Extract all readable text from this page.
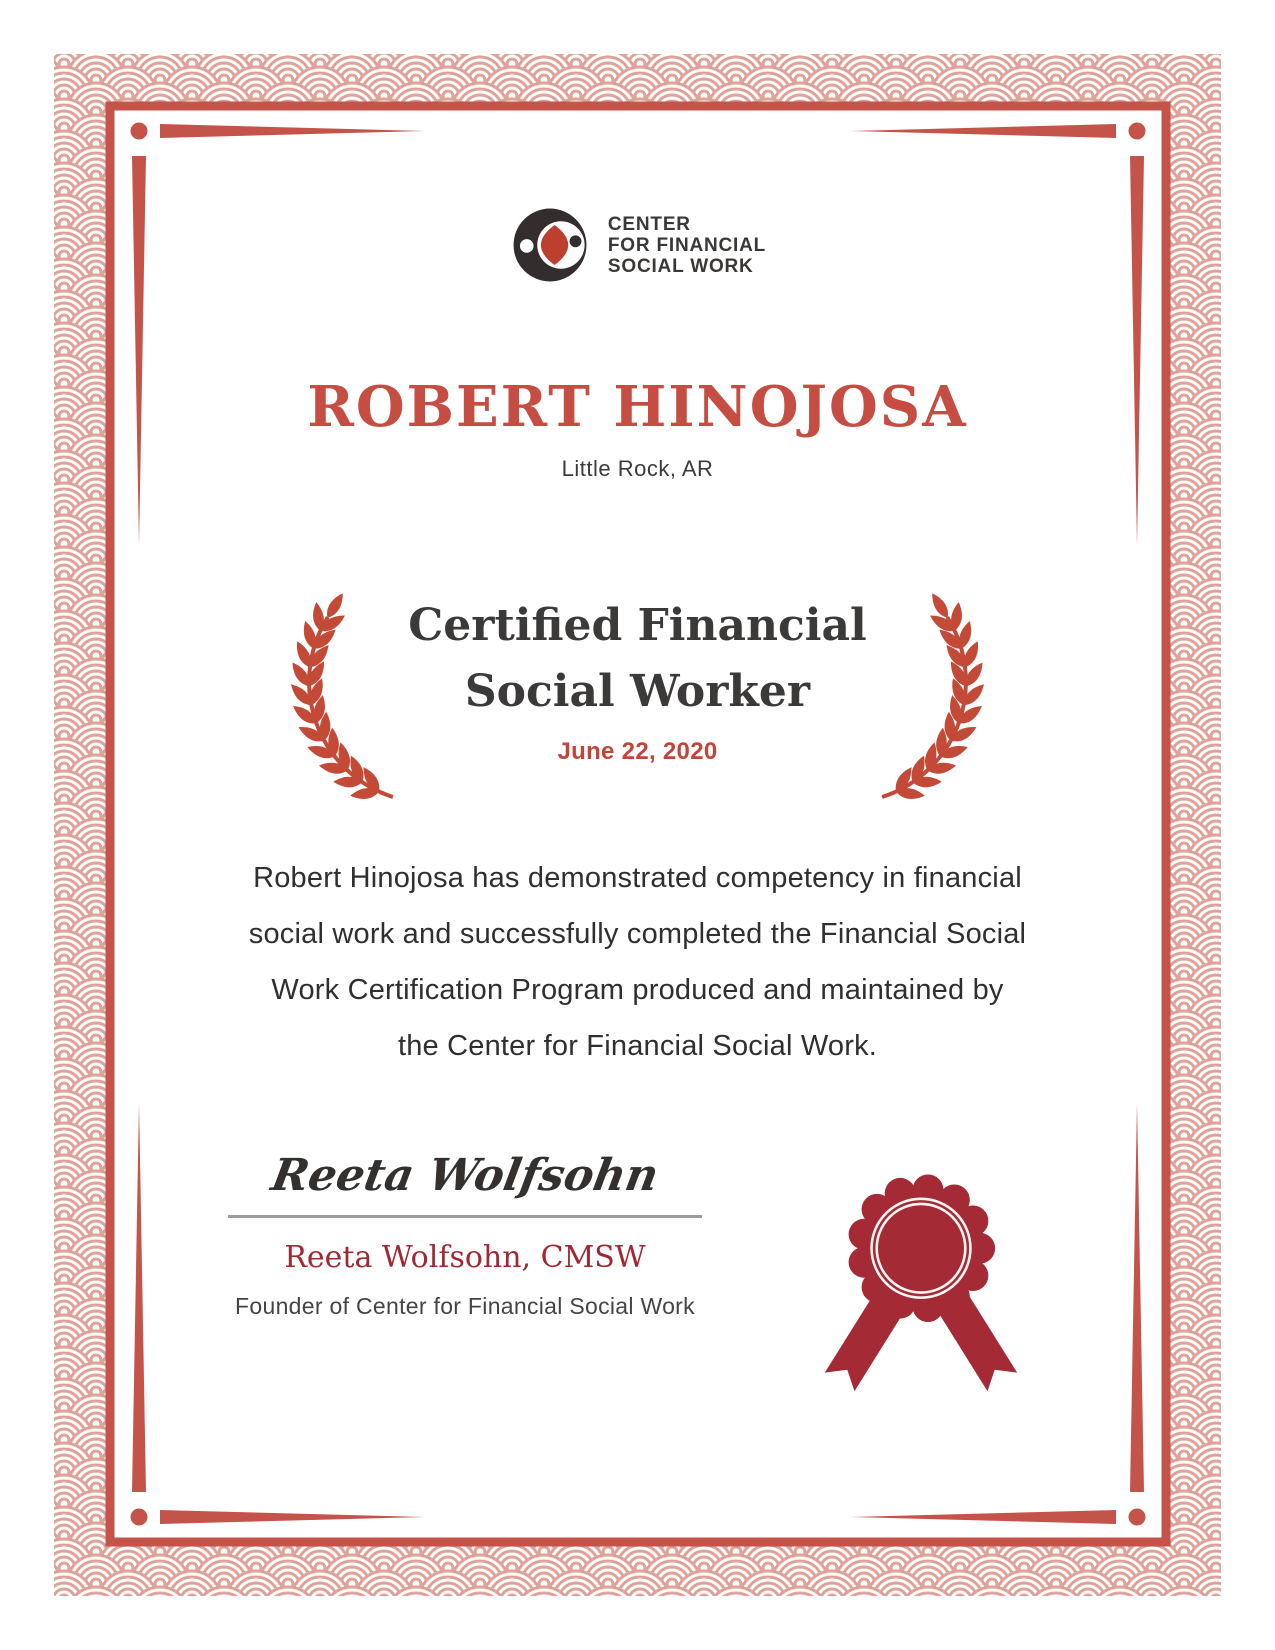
CENTER
FOR FINANCIAL
SOCIAL WORK
ROBERT HINOJOSA
Little Rock, AR
Certified Financial
Social Worker
June 22, 2020
Robert Hinojosa has demonstrated competency in financial
social work and successfully completed the Financial Social
Work Certification Program produced and maintained by
the Center for Financial Social Work.
Reeta Wolfsohn
Reeta Wolfsohn, CMSW
Founder of Center for Financial Social Work
